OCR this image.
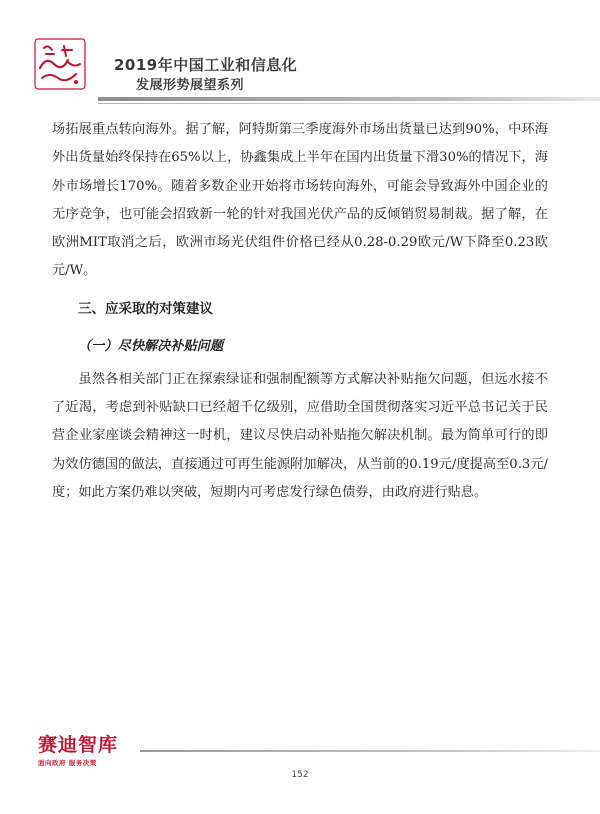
2019年中国工业和信息化
发展形势展望系列

场拓展重点转向海外。据了解，阿特斯第三季度海外市场出货量已达到90%，中环海外出货量始终保持在65%以上，协鑫集成上半年在国内出货量下滑30%的情况下，海外市场增长170%。随着多数企业开始将市场转向海外，可能会导致海外中国企业的无序竞争，也可能会招致新一轮的针对我国光伏产品的反倾销贸易制裁。据了解，在欧洲MIT取消之后，欧洲市场光伏组件价格已经从0.28-0.29欧元/W下降至0.23欧元/W。

三、应采取的对策建议
（一）尽快解决补贴问题

虽然各相关部门正在探索绿证和强制配额等方式解决补贴拖欠问题，但远水接不了近渴，考虑到补贴缺口已经超千亿级别，应借助全国贯彻落实习近平总书记关于民营企业家座谈会精神这一时机，建议尽快启动补贴拖欠解决机制。最为简单可行的即为效仿德国的做法，直接通过可再生能源附加解决，从当前的0.19元/度提高至0.3元/度；如此方案仍难以突破，短期内可考虑发行绿色债券，由政府进行贴息。

赛迪智库
面向政府 服务决策
152
